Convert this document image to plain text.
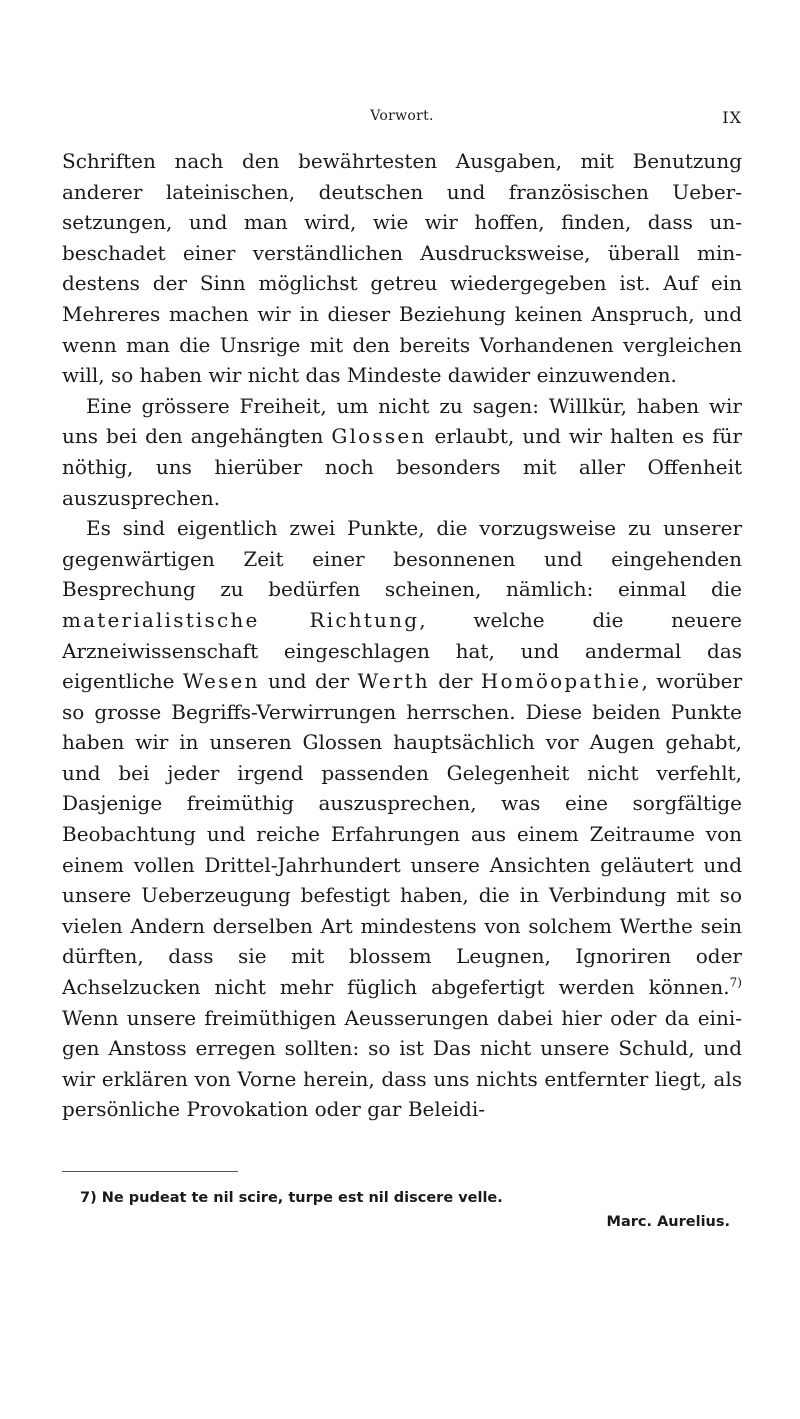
Vorwort.	IX

Schriften nach den bewährtesten Ausgaben, mit Benutzung anderer lateinischen, deutschen und französischen Uebersetzungen, und man wird, wie wir hoffen, finden, dass unbeschadet einer verständlichen Ausdrucksweise, überall mindestens der Sinn möglichst getreu wiedergegeben ist. Auf ein Mehreres machen wir in dieser Beziehung keinen Anspruch, und wenn man die Unsrige mit den bereits Vorhandenen vergleichen will, so haben wir nicht das Mindeste dawider einzuwenden.

Eine grössere Freiheit, um nicht zu sagen: Willkür, haben wir uns bei den angehängten Glossen erlaubt, und wir halten es für nöthig, uns hierüber noch besonders mit aller Offenheit auszusprechen.

Es sind eigentlich zwei Punkte, die vorzugsweise zu unserer gegenwärtigen Zeit einer besonnenen und eingehenden Besprechung zu bedürfen scheinen, nämlich: einmal die materialistische Richtung, welche die neuere Arzneiwissenschaft eingeschlagen hat, und andermal das eigentliche Wesen und der Werth der Homöopathie, worüber so grosse Begriffs-Verwirrungen herrschen. Diese beiden Punkte haben wir in unseren Glossen hauptsächlich vor Augen gehabt, und bei jeder irgend passenden Gelegenheit nicht verfehlt, Dasjenige freimüthig auszusprechen, was eine sorgfältige Beobachtung und reiche Erfahrungen aus einem Zeitraume von einem vollen Drittel-Jahrhundert unsere Ansichten geläutert und unsere Ueberzeugung befestigt haben, die in Verbindung mit so vielen Andern derselben Art mindestens von solchem Werthe sein dürften, dass sie mit blossem Leugnen, Ignoriren oder Achselzucken nicht mehr füglich abgefertigt werden können.$^{7)}$ Wenn unsere freimüthigen Aeusserungen dabei hier oder da einigen Anstoss erregen sollten: so ist Das nicht unsere Schuld, und wir erklären von Vorne herein, dass uns nichts entfernter liegt, als persönliche Provokation oder gar Beleidi-

7) Ne pudeat te nil scire, turpe est nil discere velle.
Marc. Aurelius.
